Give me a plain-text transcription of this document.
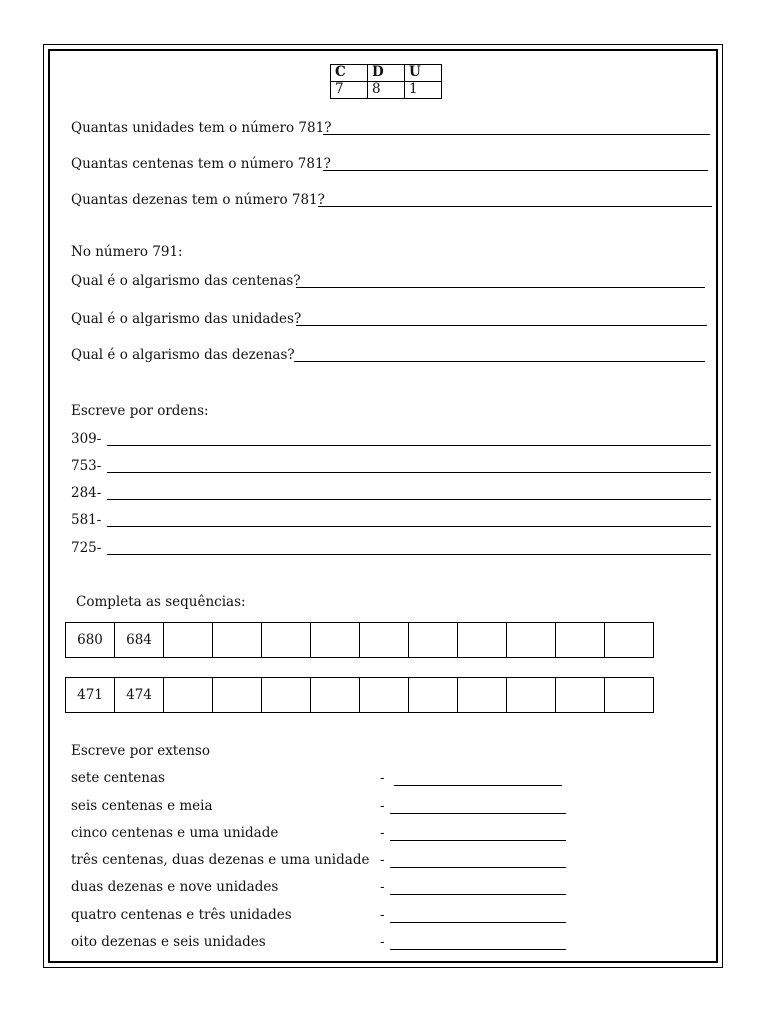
C	D	U
7	8	1
Quantas unidades tem o número 781?
Quantas centenas tem o número 781?
Quantas dezenas tem o número 781?
No número 791:
Qual é o algarismo das centenas?
Qual é o algarismo das unidades?
Qual é o algarismo das dezenas?
Escreve por ordens:
309-
753-
284-
581-
725-
Completa as sequências:
680	684										
471	474										
Escreve por extenso
sete centenas	-
seis centenas e meia	-
cinco centenas e uma unidade	-
três centenas, duas dezenas e uma unidade -
duas dezenas e nove unidades	-
quatro centenas e três unidades	-
oito dezenas e seis unidades	-
